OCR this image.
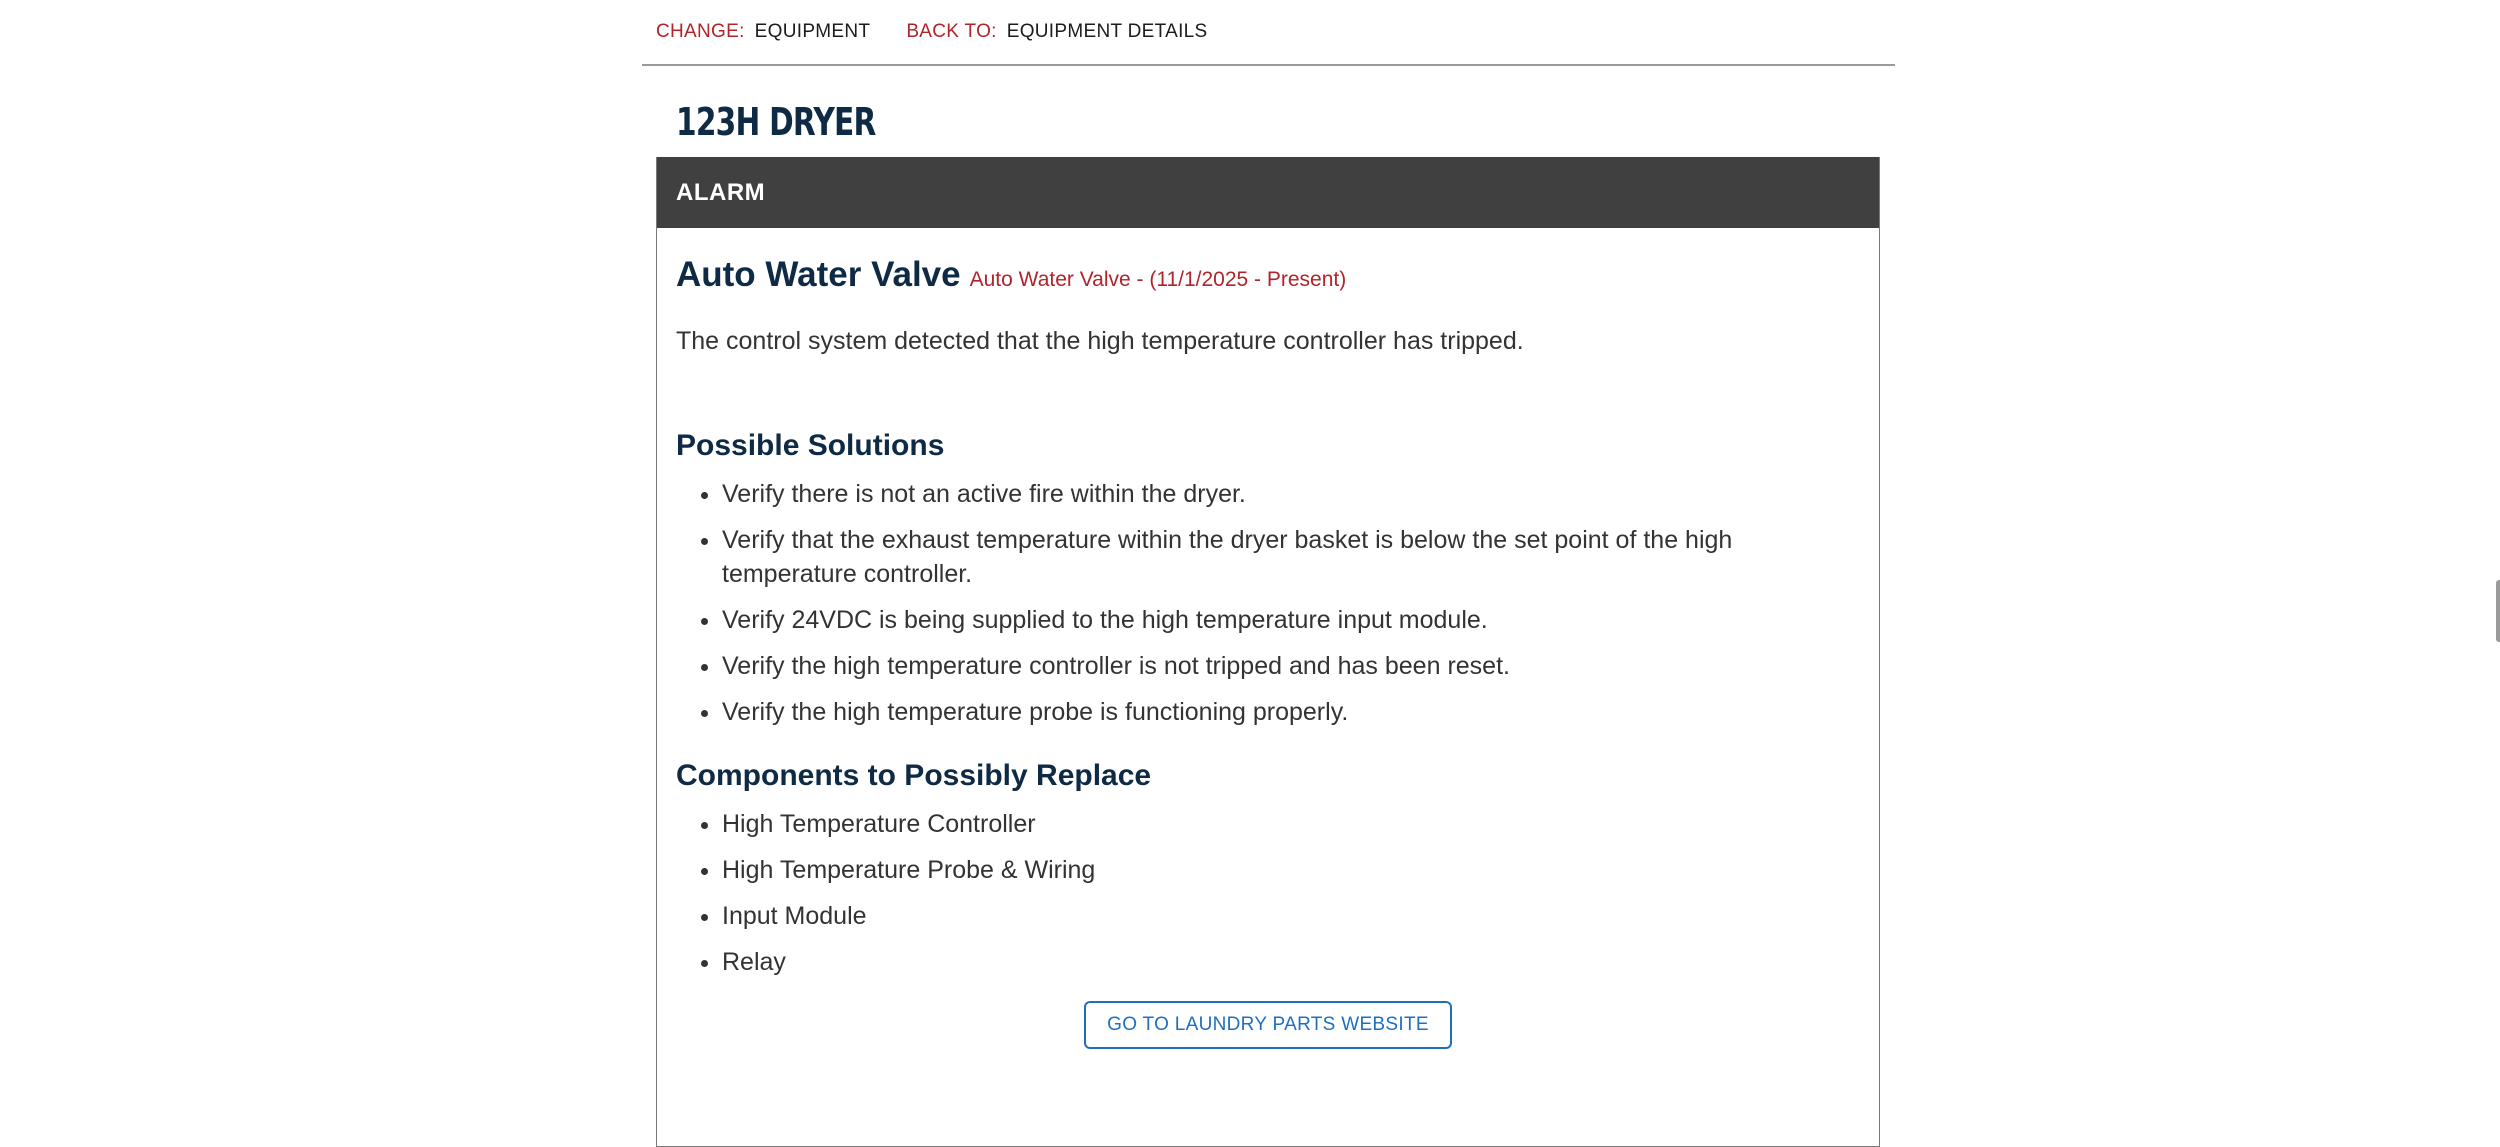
CHANGE: EQUIPMENT BACK TO: EQUIPMENT DETAILS
123H DRYER
ALARM
Auto Water Valve Auto Water Valve - (11/1/2025 - Present)
The control system detected that the high temperature controller has tripped.
Possible Solutions
• Verify there is not an active fire within the dryer.
• Verify that the exhaust temperature within the dryer basket is below the set point of the high temperature controller.
• Verify 24VDC is being supplied to the high temperature input module.
• Verify the high temperature controller is not tripped and has been reset.
• Verify the high temperature probe is functioning properly.
Components to Possibly Replace
• High Temperature Controller
• High Temperature Probe & Wiring
• Input Module
• Relay
GO TO LAUNDRY PARTS WEBSITE
